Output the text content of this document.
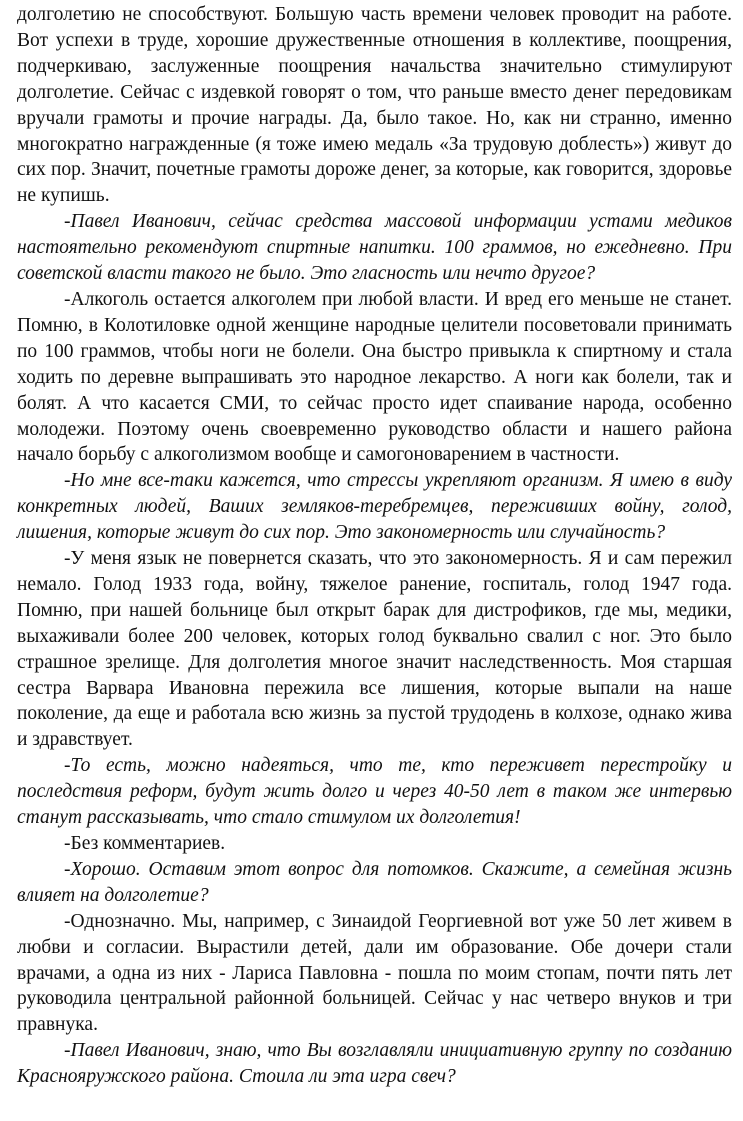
долголетию не способствуют. Большую часть времени человек проводит на работе. Вот успехи в труде, хорошие дружественные отношения в коллективе, поощрения, подчеркиваю, заслуженные поощрения начальства значительно стимулируют долголетие. Сейчас с издевкой говорят о том, что раньше вместо денег передовикам вручали грамоты и прочие награды. Да, было такое. Но, как ни странно, именно многократно награжденные (я тоже имею медаль «За трудовую доблесть») живут до сих пор. Значит, почетные грамоты дороже денег, за которые, как говорится, здоровье не купишь.

-Павел Иванович, сейчас средства массовой информации устами медиков настоятельно рекомендуют спиртные напитки. 100 граммов, но ежедневно. При советской власти такого не было. Это гласность или нечто другое?

-Алкоголь остается алкоголем при любой власти. И вред его меньше не станет. Помню, в Колотиловке одной женщине народные целители посоветовали принимать по 100 граммов, чтобы ноги не болели. Она быстро привыкла к спиртному и стала ходить по деревне выпрашивать это народное лекарство. А ноги как болели, так и болят. А что касается СМИ, то сейчас просто идет спаивание народа, особенно молодежи. Поэтому очень своевременно руководство области и нашего района начало борьбу с алкоголизмом вообще и самогоноварением в частности.

-Но мне все-таки кажется, что стрессы укрепляют организм. Я имею в виду конкретных людей, Ваших земляков-теребремцев, переживших войну, голод, лишения, которые живут до сих пор. Это закономерность или случайность?

-У меня язык не повернется сказать, что это закономерность. Я и сам пережил немало. Голод 1933 года, войну, тяжелое ранение, госпиталь, голод 1947 года. Помню, при нашей больнице был открыт барак для дистрофиков, где мы, медики, выхаживали более 200 человек, которых голод буквально свалил с ног. Это было страшное зрелище. Для долголетия многое значит наследственность. Моя старшая сестра Варвара Ивановна пережила все лишения, которые выпали на наше поколение, да еще и работала всю жизнь за пустой трудодень в колхозе, однако жива и здравствует.

-То есть, можно надеяться, что те, кто переживет перестройку и последствия реформ, будут жить долго и через 40-50 лет в таком же интервью станут рассказывать, что стало стимулом их долголетия!

-Без комментариев.

-Хорошо. Оставим этот вопрос для потомков. Скажите, а семейная жизнь влияет на долголетие?

-Однозначно. Мы, например, с Зинаидой Георгиевной вот уже 50 лет живем в любви и согласии. Вырастили детей, дали им образование. Обе дочери стали врачами, а одна из них - Лариса Павловна - пошла по моим стопам, почти пять лет руководила центральной районной больницей. Сейчас у нас четверо внуков и три правнука.

-Павел Иванович, знаю, что Вы возглавляли инициативную группу по созданию Краснояружского района. Стоила ли эта игра свеч?
